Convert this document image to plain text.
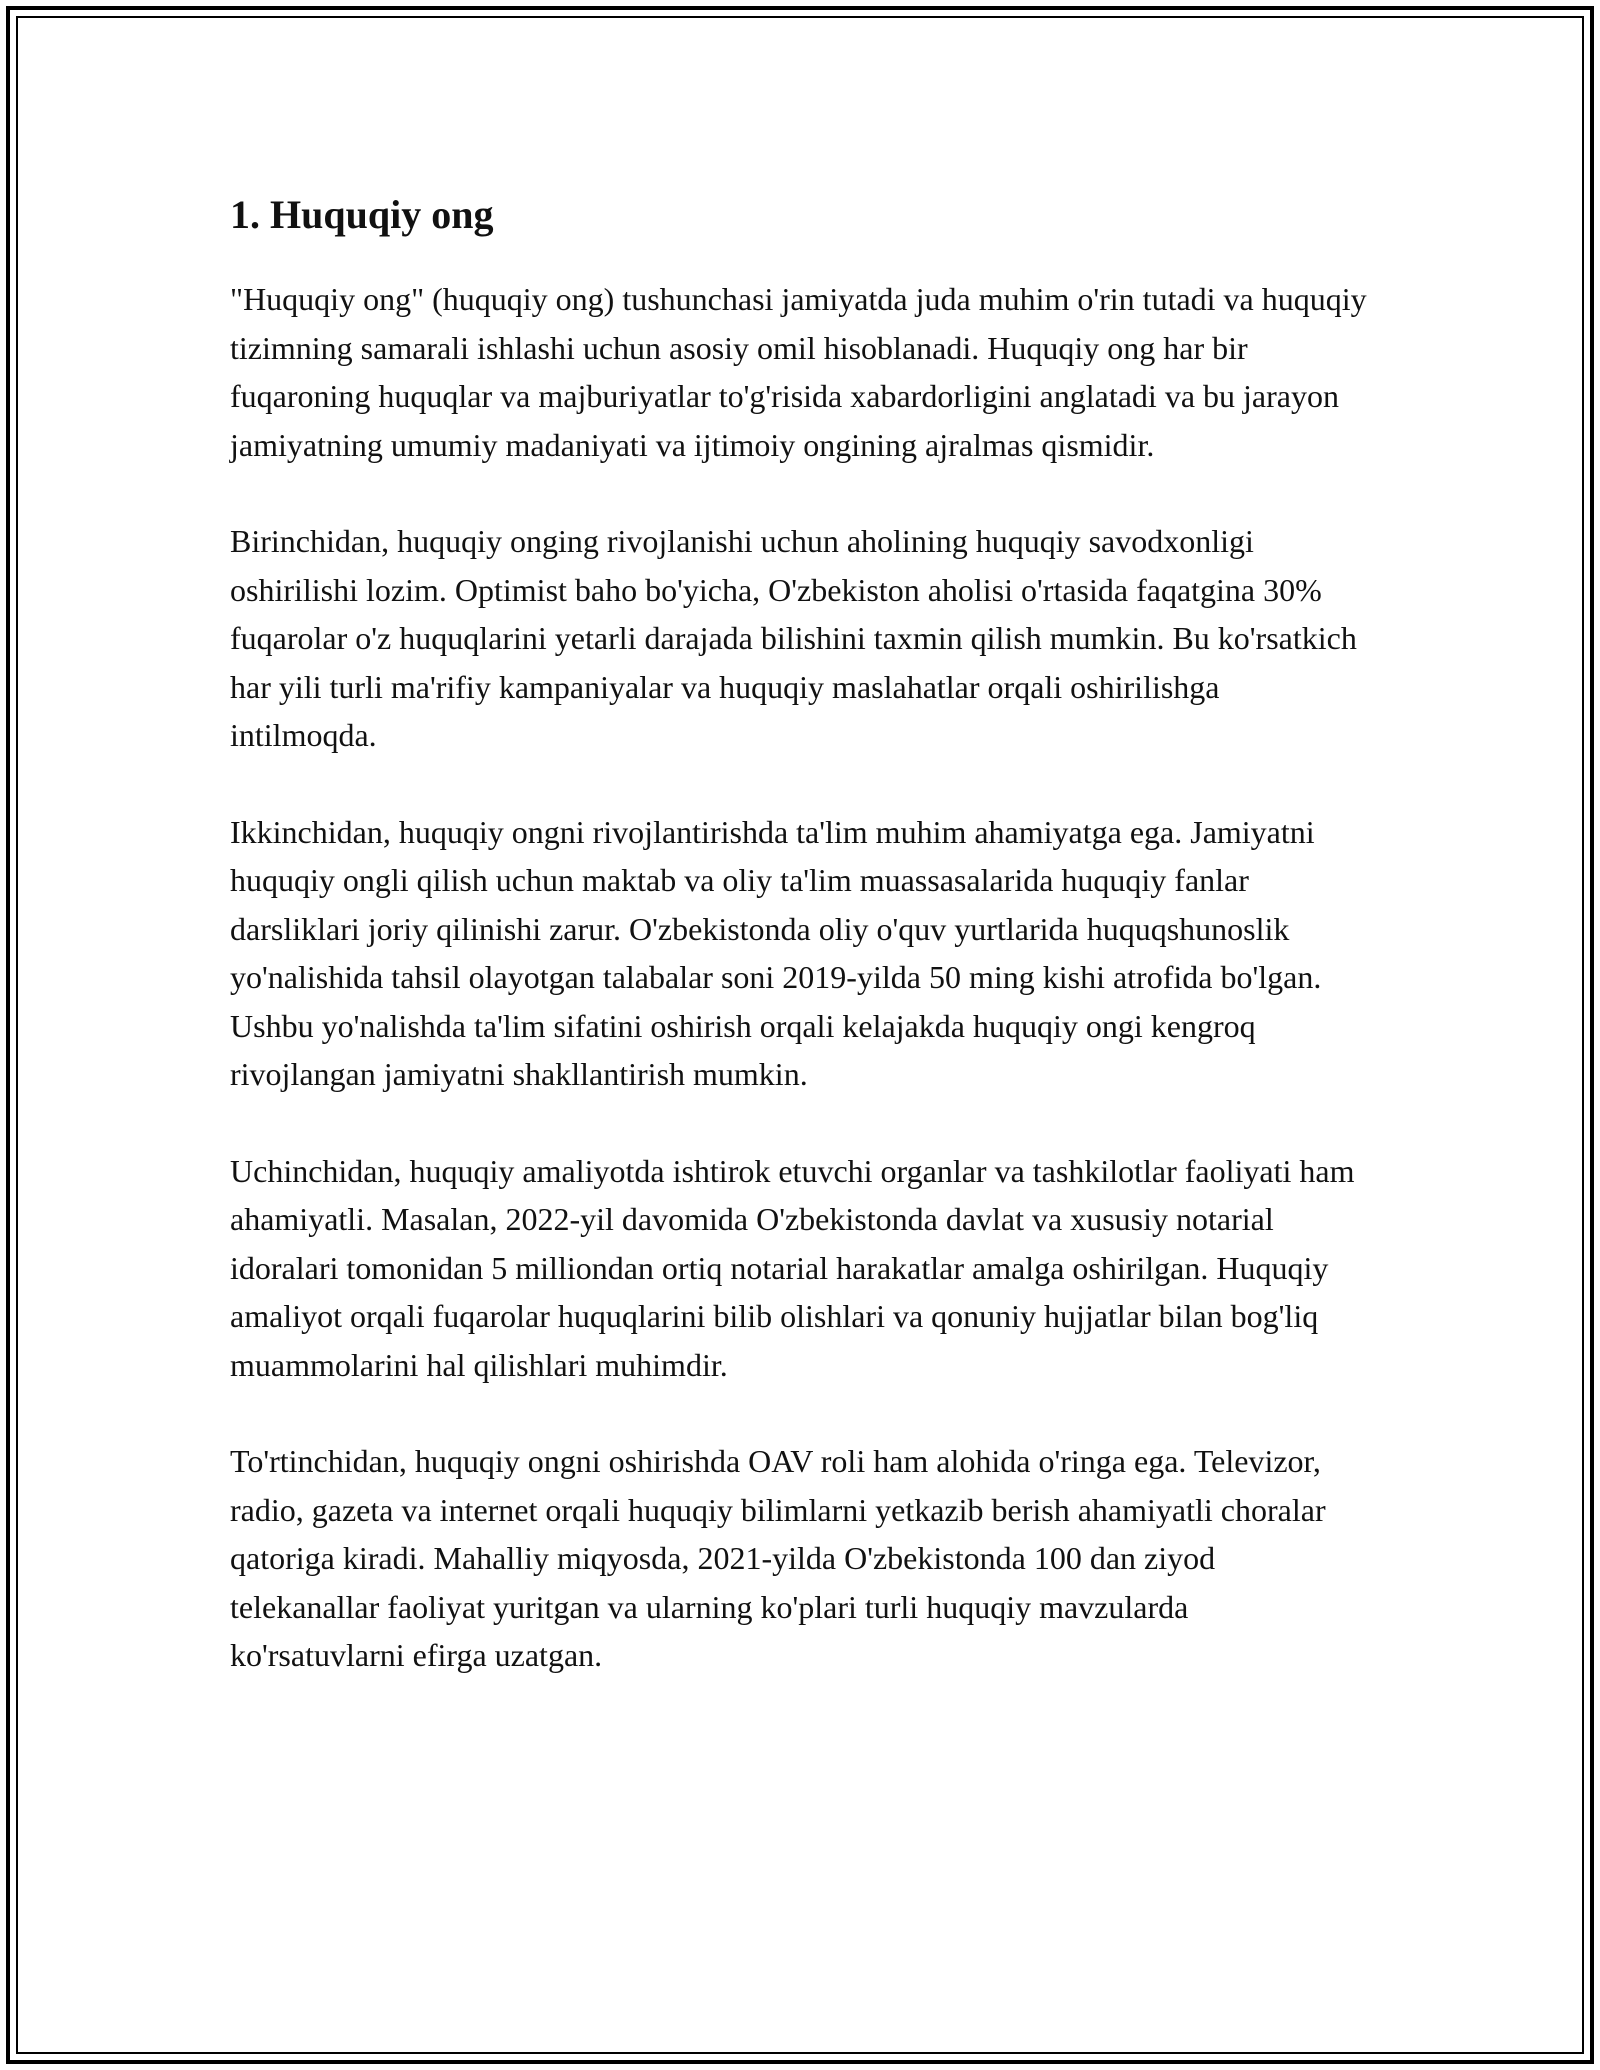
1. Huquqiy ong

"Huquqiy ong" (huquqiy ong) tushunchasi jamiyatda juda muhim o'rin tutadi va huquqiy tizimning samarali ishlashi uchun asosiy omil hisoblanadi. Huquqiy ong har bir fuqaroning huquqlar va majburiyatlar to'g'risida xabardorligini anglatadi va bu jarayon jamiyatning umumiy madaniyati va ijtimoiy ongining ajralmas qismidir.

Birinchidan, huquqiy onging rivojlanishi uchun aholining huquqiy savodxonligi oshirilishi lozim. Optimist baho bo'yicha, O'zbekiston aholisi o'rtasida faqatgina 30% fuqarolar o'z huquqlarini yetarli darajada bilishini taxmin qilish mumkin. Bu ko'rsatkich har yili turli ma'rifiy kampaniyalar va huquqiy maslahatlar orqali oshirilishga intilmoqda.

Ikkinchidan, huquqiy ongni rivojlantirishda ta'lim muhim ahamiyatga ega. Jamiyatni huquqiy ongli qilish uchun maktab va oliy ta'lim muassasalarida huquqiy fanlar darsliklari joriy qilinishi zarur. O'zbekistonda oliy o'quv yurtlarida huquqshunoslik yo'nalishida tahsil olayotgan talabalar soni 2019-yilda 50 ming kishi atrofida bo'lgan. Ushbu yo'nalishda ta'lim sifatini oshirish orqali kelajakda huquqiy ongi kengroq rivojlangan jamiyatni shakllantirish mumkin.

Uchinchidan, huquqiy amaliyotda ishtirok etuvchi organlar va tashkilotlar faoliyati ham ahamiyatli. Masalan, 2022-yil davomida O'zbekistonda davlat va xususiy notarial idoralari tomonidan 5 milliondan ortiq notarial harakatlar amalga oshirilgan. Huquqiy amaliyot orqali fuqarolar huquqlarini bilib olishlari va qonuniy hujjatlar bilan bog'liq muammolarini hal qilishlari muhimdir.

To'rtinchidan, huquqiy ongni oshirishda OAV roli ham alohida o'ringa ega. Televizor, radio, gazeta va internet orqali huquqiy bilimlarni yetkazib berish ahamiyatli choralar qatoriga kiradi. Mahalliy miqyosda, 2021-yilda O'zbekistonda 100 dan ziyod telekanallar faoliyat yuritgan va ularning ko'plari turli huquqiy mavzularda ko'rsatuvlarni efirga uzatgan.
